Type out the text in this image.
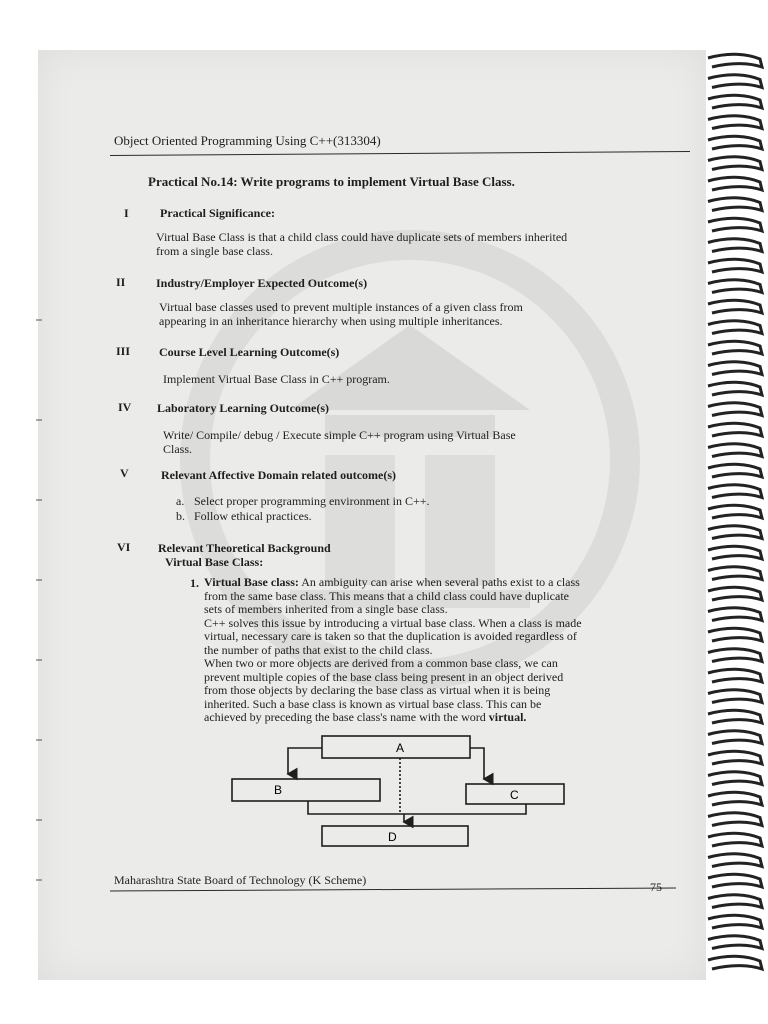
Object Oriented Programming Using C++(313304)
Practical No.14: Write programs to implement Virtual Base Class.
I	Practical Significance:
Virtual Base Class is that a child class could have duplicate sets of members inherited
from a single base class.
II	Industry/Employer Expected Outcome(s)
Virtual base classes used to prevent multiple instances of a given class from
appearing in an inheritance hierarchy when using multiple inheritances.
III Course Level Learning Outcome(s)
Implement Virtual Base Class in C++ program.
IV Laboratory Learning Outcome(s)
Write/ Compile/ debug / Execute simple C++ program using Virtual Base
Class.
V	Relevant Affective Domain related outcome(s)
a. Select proper programming environment in C++.
b. Follow ethical practices.
VI Relevant Theoretical Background
Virtual Base Class:
1. Virtual Base class: An ambiguity can arise when several paths exist to a class
from the same base class. This means that a child class could have duplicate
sets of members inherited from a single base class.
C++ solves this issue by introducing a virtual base class. When a class is made
virtual, necessary care is taken so that the duplication is avoided regardless of
the number of paths that exist to the child class.
When two or more objects are derived from a common base class, we can
prevent multiple copies of the base class being present in an object derived
from those objects by declaring the base class as virtual when it is being
inherited. Such a base class is known as virtual base class. This can be
achieved by preceding the base class's name with the word virtual.
A
B	C
D
Maharashtra State Board of Technology (K Scheme)	75
